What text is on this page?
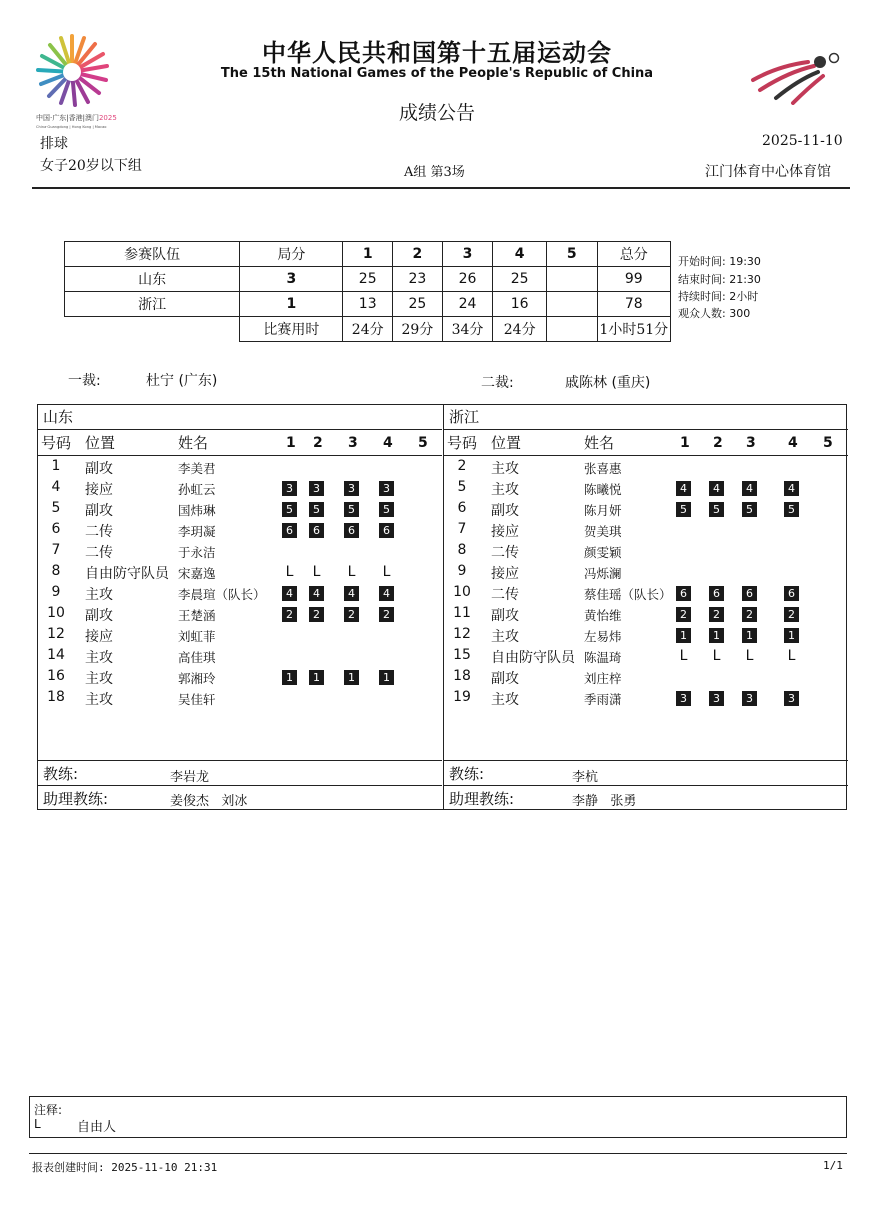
中国·广东|香港|澳门2025
China·Guangdong | Hong Kong | Macao
中华人民共和国第十五届运动会
The 15th National Games of the People's Republic of China
成绩公告
排球	2025-11-10
女子20岁以下组	A组 第3场	江门体育中心体育馆
参赛队伍	局分	1	2	3	4	5	总分
山东	3	25	23	26	25		99
浙江	1	13	25	24	16		78
	比赛用时	24分	29分	34分	24分		1小时51分
开始时间: 19:30
结束时间: 21:30
持续时间: 2小时
观众人数: 300
一裁:	杜宁 (广东)	二裁:	戚陈林 (重庆)
山东
号码 位置	姓名	1 2 3 4 5
1	副攻	李美君
4	接应	孙虹云	3	3	3	3
5	副攻	国炜琳	5	5	5	5
6	二传	李玥凝	6	6	6	6
7	二传	于永洁
8	自由防守队员 宋嘉逸	L L L L
9	主攻	李晨瑄（队长）	4	4	4	4
10	副攻	王楚涵	2	2	2	2
12	接应	刘虹菲
14	主攻	高佳琪
16	主攻	郭湘玲	1	1	1	1
18	主攻	吴佳轩
教练:	李岩龙
助理教练:	姜俊杰   刘冰
浙江
号码 位置	姓名	1 2 3 4 5
2	主攻	张喜惠
5	主攻	陈曦悦	4	4	4	4
6	副攻	陈月妍	5	5	5	5
7	接应	贺美琪
8	二传	颜雯颖
9	接应	冯烁澜
10	二传	蔡佳瑶（队长） 6	6	6	6
11	副攻	黄怡维	2	2	2	2
12	主攻	左易炜	1	1	1	1
15	自由防守队员 陈温琦	L L L L
18	副攻	刘庄梓
19	主攻	季雨潇	3	3	3	3
教练:	李杭
助理教练:	李静   张勇
注释:
L	自由人
报表创建时间: 2025-11-10 21:31	1/1
